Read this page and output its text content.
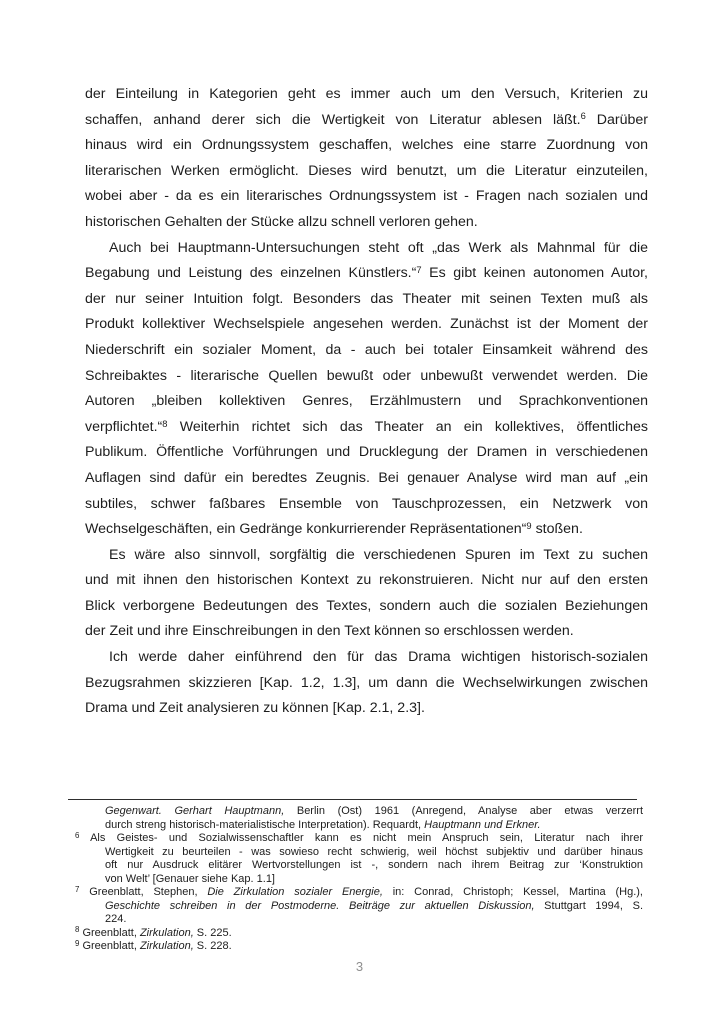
der Einteilung in Kategorien geht es immer auch um den Versuch, Kriterien zu
schaffen, anhand derer sich die Wertigkeit von Literatur ablesen läßt.$^6$ Darüber
hinaus wird ein Ordnungssystem geschaffen, welches eine starre Zuordnung von
literarischen Werken ermöglicht. Dieses wird benutzt, um die Literatur einzuteilen,
wobei aber - da es ein literarisches Ordnungssystem ist - Fragen nach sozialen und
historischen Gehalten der Stücke allzu schnell verloren gehen.
Auch bei Hauptmann-Untersuchungen steht oft „das Werk als Mahnmal für die
Begabung und Leistung des einzelnen Künstlers.“$^7$ Es gibt keinen autonomen Autor,
der nur seiner Intuition folgt. Besonders das Theater mit seinen Texten muß als
Produkt kollektiver Wechselspiele angesehen werden. Zunächst ist der Moment der
Niederschrift ein sozialer Moment, da - auch bei totaler Einsamkeit während des
Schreibaktes - literarische Quellen bewußt oder unbewußt verwendet werden. Die
Autoren „bleiben kollektiven Genres, Erzählmustern und Sprachkonventionen
verpflichtet.“$^8$ Weiterhin richtet sich das Theater an ein kollektives, öffentliches
Publikum. Öffentliche Vorführungen und Drucklegung der Dramen in verschiedenen
Auflagen sind dafür ein beredtes Zeugnis. Bei genauer Analyse wird man auf „ein
subtiles, schwer faßbares Ensemble von Tauschprozessen, ein Netzwerk von
Wechselgeschäften, ein Gedränge konkurrierender Repräsentationen“$^9$ stoßen.
Es wäre also sinnvoll, sorgfältig die verschiedenen Spuren im Text zu suchen
und mit ihnen den historischen Kontext zu rekonstruieren. Nicht nur auf den ersten
Blick verborgene Bedeutungen des Textes, sondern auch die sozialen Beziehungen
der Zeit und ihre Einschreibungen in den Text können so erschlossen werden.
Ich werde daher einführend den für das Drama wichtigen historisch-sozialen
Bezugsrahmen skizzieren [Kap. 1.2, 1.3], um dann die Wechselwirkungen zwischen
Drama und Zeit analysieren zu können [Kap. 2.1, 2.3].
Gegenwart. Gerhart Hauptmann, Berlin (Ost) 1961 (Anregend, Analyse aber etwas verzerrt
durch streng historisch-materialistische Interpretation). Requardt, Hauptmann und Erkner.
$^6$ Als Geistes- und Sozialwissenschaftler kann es nicht mein Anspruch sein, Literatur nach ihrer
Wertigkeit zu beurteilen - was sowieso recht schwierig, weil höchst subjektiv und darüber hinaus
oft nur Ausdruck elitärer Wertvorstellungen ist -, sondern nach ihrem Beitrag zur ‘Konstruktion
von Welt’ [Genauer siehe Kap. 1.1]
$^7$ Greenblatt, Stephen, Die Zirkulation sozialer Energie, in: Conrad, Christoph; Kessel, Martina (Hg.),
Geschichte schreiben in der Postmoderne. Beiträge zur aktuellen Diskussion, Stuttgart 1994, S.
224.
$^8$ Greenblatt, Zirkulation, S. 225.
$^9$ Greenblatt, Zirkulation, S. 228.
3
